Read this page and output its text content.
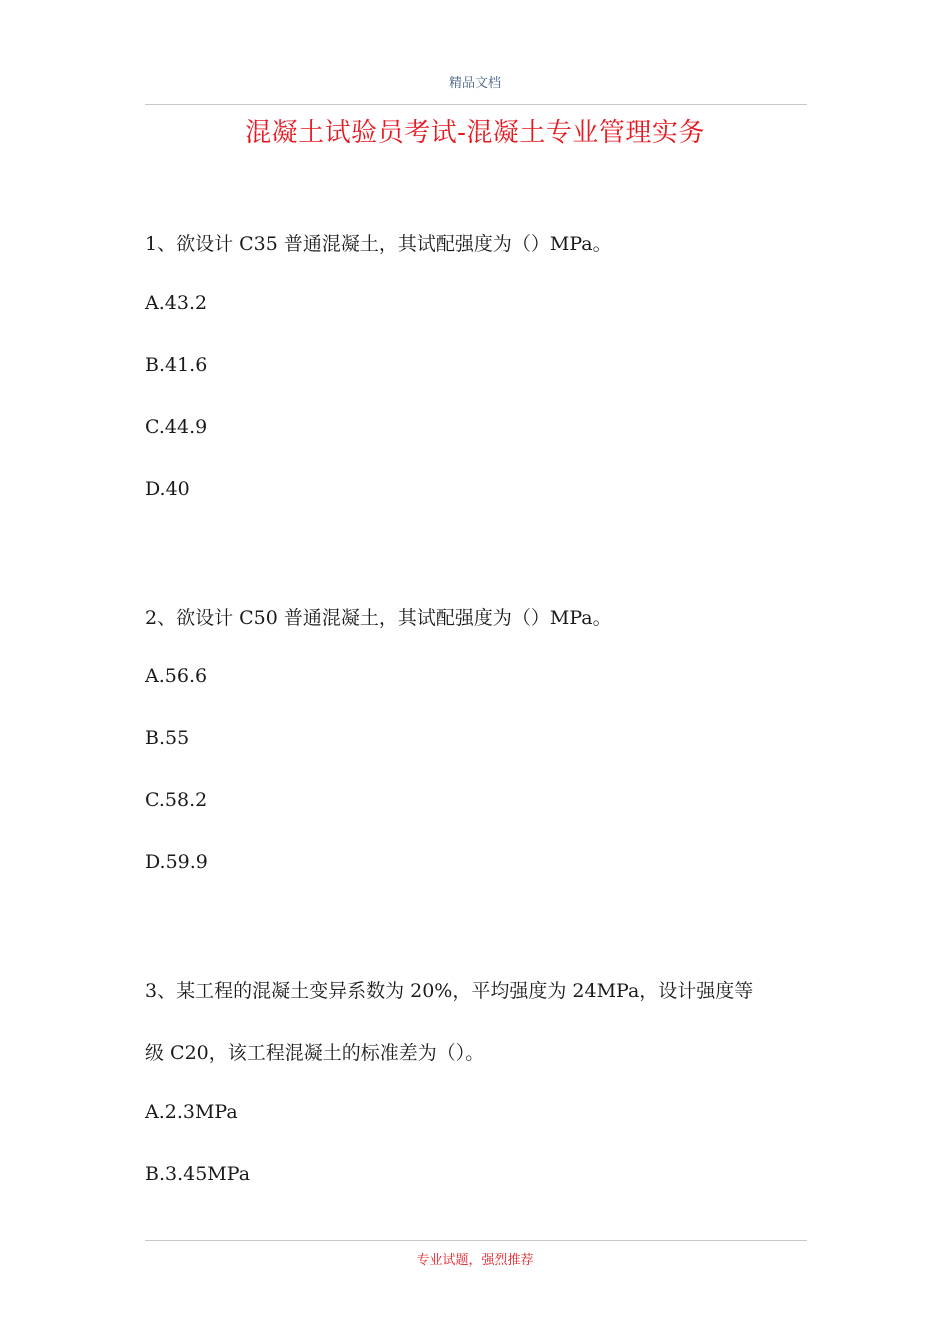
精品文档
混凝土试验员考试-混凝土专业管理实务
1、欲设计 C35 普通混凝土，其试配强度为（）MPa。
A.43.2
B.41.6
C.44.9
D.40
2、欲设计 C50 普通混凝土，其试配强度为（）MPa。
A.56.6
B.55
C.58.2
D.59.9
3、某工程的混凝土变异系数为 20%，平均强度为 24MPa，设计强度等
级 C20，该工程混凝土的标准差为（）。
A.2.3MPa
B.3.45MPa
专业试题，强烈推荐
